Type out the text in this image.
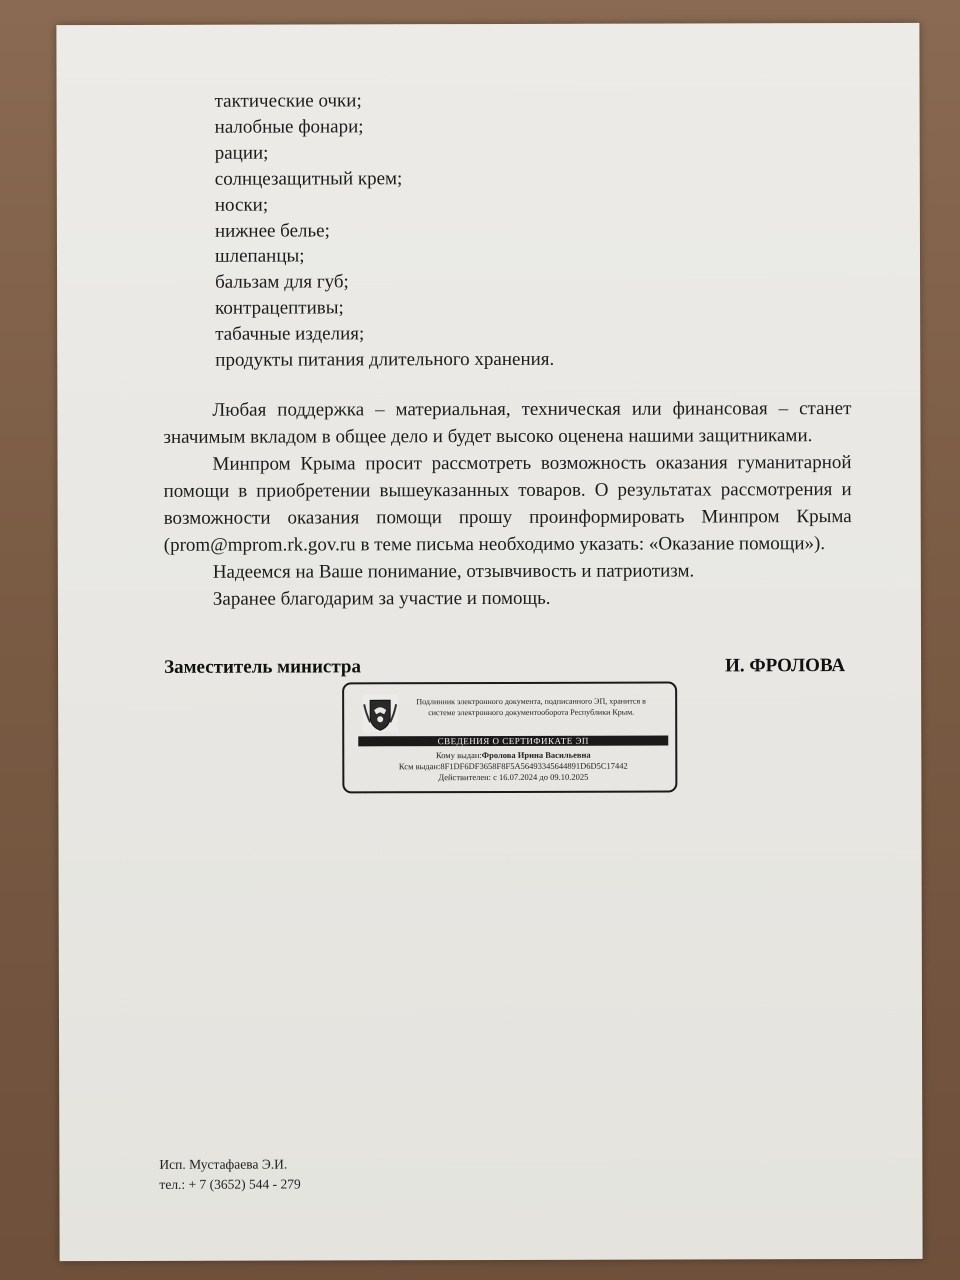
тактические очки;
налобные фонари;
рации;
солнцезащитный крем;
носки;
нижнее белье;
шлепанцы;
бальзам для губ;
контрацептивы;
табачные изделия;
продукты питания длительного хранения.

Любая поддержка – материальная, техническая или финансовая – станет значимым вкладом в общее дело и будет высоко оценена нашими защитниками.

Минпром Крыма просит рассмотреть возможность оказания гуманитарной помощи в приобретении вышеуказанных товаров. О результатах рассмотрения и возможности оказания помощи прошу проинформировать Минпром Крыма (prom@mprom.rk.gov.ru в теме письма необходимо указать: «Оказание помощи»).

Надеемся на Ваше понимание, отзывчивость и патриотизм.

Заранее благодарим за участие и помощь.

Заместитель министра	И. ФРОЛОВА
Подлинник электронного документа, подписанного ЭП, хранится в системе электронного документооборота Республики Крым.
СВЕДЕНИЯ О СЕРТИФИКАТЕ ЭП
Кому выдан:Фролова Ирина Васильевна
Ксм выдан:8F1DF6DF3658F8F5A56493345644891D6D5C17442
Действителен: с 16.07.2024 до 09.10.2025
Исп. Мустафаева Э.И.
тел.: + 7 (3652) 544 - 279
